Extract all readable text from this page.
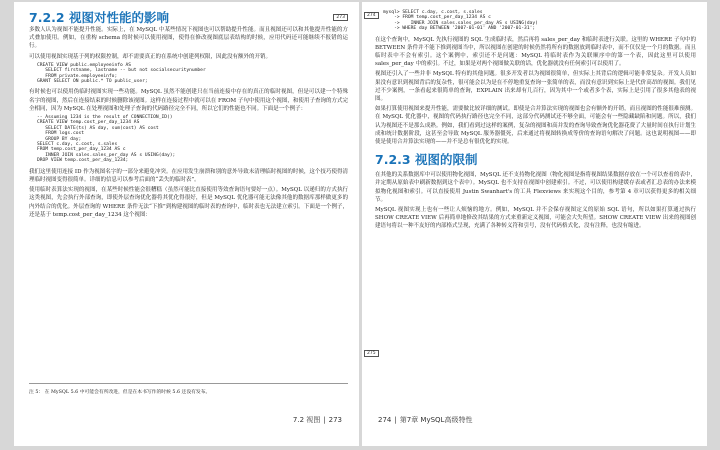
7.2.2 视图对性能的影响	273

多数人认为视图不能提升性能。实际上，在 MySQL 中某些情况下视图也可以帮助提升性能。而且视图还可以和其他提升性能的方式叠加使用。例如，在重构 schema 的时候可以使用视图，使得在修改视图底层表结构的时候，应用代码还可能继续不报错的运行。

可以使用视图实现基于列的权限控制，却不需要真正的在系统中创建列权限，因此没有额外的开销。

CREATE VIEW public.employeeinfo AS
SELECT firstname, lastname -- but not socialsecuritynumber
FROM private.employeeinfo;
GRANT SELECT ON public.* TO public_user;

有时候也可以使用伪临时视图实现一些功能。MySQL 虽然不能创建只在当前连接中存在的真正的临时视图，但是可以建一个特殊名字的视图，然后在连接结束的时候删除该视图。这样在连接过程中就可以在 FROM 子句中使用这个视图，和使用子查询的方式完全相同，因为 MySQL 在处理视图和处理子查询的代码路径完全不同，所以它们的性能也不同。下面是一个例子：

-- Assuming 1234 is the result of CONNECTION_ID()
CREATE VIEW temp.cost_per_day_1234 AS
SELECT DATE(ts) AS day, sum(cost) AS cost
FROM logs.cost
GROUP BY day;
SELECT c.day, c.cost, s.sales
FROM temp.cost_per_day_1234 AS c
INNER JOIN sales.sales_per_day AS s USING(day);
DROP VIEW temp.cost_per_day_1234;

我们这里使用连接 ID 作为视图名字的一部分来避免冲突。在应用发生崩溃和别的意外导致未清理临时视图的时候，这个技巧使得清理临时视图变得很简单。详细的信息可以参考后面的“丢失的临时表”。

使用临时表算法实现的视图，在某些时候性能会很糟糕（虽然可能比直接使用等效查询语句要好一点）。MySQL 以递归的方式执行这类视图，先会执行外部查询，即使外层查询优化器将其优化得很好，但是 MySQL 优化器可能无法像其他的数据库那样做更多的内外结合的优化。外层查询的 WHERE 条件无法“下推”到构建视图的临时表的查询中，临时表也无法建立索引。下面是一个例子，还是基于 temp.cost_per_day_1234 这个视图：

注 5： 在 MySQL 5.6 中可能会有所改进，但是在本书写作的时候 5.6 还没有发布。
7.2 视图 | 273
274
275
mysql> SELECT c.day, c.cost, s.sales
-> FROM temp.cost_per_day_1234 AS c
->    INNER JOIN sales.sales_per_day AS s USING(day)
-> WHERE day BETWEEN '2007-01-01' AND '2007-01-31';

在这个查询中，MySQL 先执行视图的 SQL 生成临时表，然后再将 sales_per_day 和临时表进行关联。这里的 WHERE 子句中的 BETWEEN 条件并不能下推到视图当中，所以视图在创建的时候仍然将所有的数据放到临时表中，而不仅仅是一个月的数据。而且临时表中不会有索引。这个案例中，索引还不是问题：MySQL 将临时表作为关联顺序中的第一个表，因此这里可以使用 sales_per_day 中的索引。不过，如果是对两个视图做关联的话，优化器就没有任何索引可以使用了。

视图还引入了一些并非 MySQL 特有的其他问题。很多开发者以为视图很简单，但实际上其背后的逻辑可能非常复杂。开发人员如果没有意识到视图背后的复杂性，很可能会以为是在不停地重复查询一张简单的表，而没有意识到实际上是代价高昂的视图。我们见过不少案例，一条看起来很简单的查询，EXPLAIN 出来却有几百行，因为其中一个或者多个表，实际上是引用了很多其他表的视图。

如果打算使用视图来提升性能，需要做比较详细的测试。即使是合并算法实现的视图也会有额外的开销，而且视图的性能很难预测。在 MySQL 优化器中，视图的代码执行路径也完全不同，这部分代码测试还不够全面，可能会有一些隐藏缺陷和问题。所以，我们认为视图还不是那么成熟。例如，我们看到过这样的案例，复杂的视图和高并发的查询导致查询优化器花费了大量时间在执行计划生成和统计数据阶段，这甚至会导致 MySQL 服务器僵死，后来通过将视图转换成等价的查询语句解决了问题。这也说明视图——即使是使用合并算法实现的——并不是总有很优化的实现。

7.2.3 视图的限制

在其他的关系数据库中可以使用物化视图，MySQL 还不支持物化视图（物化视图是指将视图结果数据存放在一个可以查看的表中，并定期从原始表中刷新数据到这个表中）。MySQL 也不支持在视图中创建索引。不过，可以使用构建缓存表或者汇总表的办法来模拟物化视图和索引。可以直接使用 Justin Swanhart's 的工具 Flexviews 来实现这个目的，参考第 4 章可以获得更多的相关细节。

MySQL 视图实现上也有一些让人烦恼的地方。例如，MySQL 并不会保存视图定义的原始 SQL 语句，所以如果打算通过执行 SHOW CREATE VIEW 后再简单地修改其结果的方式来重新定义视图，可能会大失所望。SHOW CREATE VIEW 出来的视图创建语句将以一种不友好的内部格式呈现，充满了各种转义符和引号，没有代码格式化，没有注释，也没有缩进。

274 | 第7章 MySQL高级特性
